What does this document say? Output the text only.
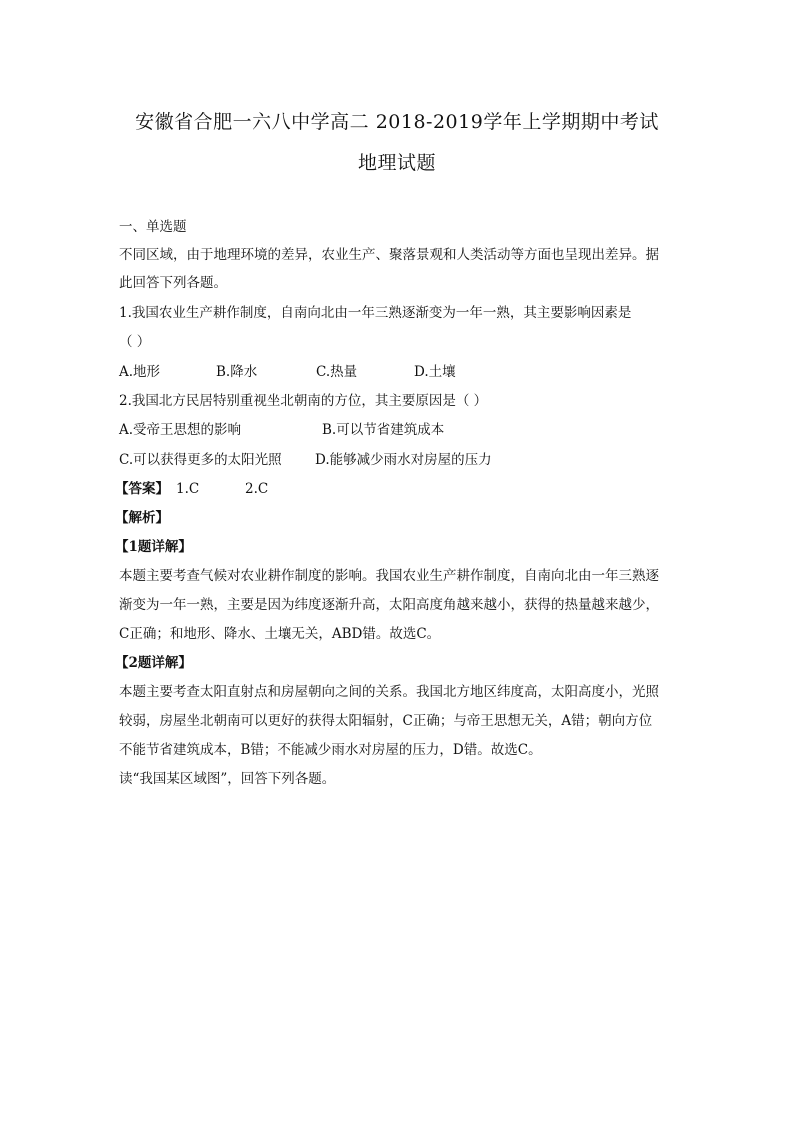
安徽省合肥一六八中学高二 2018-2019学年上学期期中考试
地理试题
一、单选题
不同区域，由于地理环境的差异，农业生产、聚落景观和人类活动等方面也呈现出差异。据
此回答下列各题。
1.我国农业生产耕作制度，自南向北由一年三熟逐渐变为一年一熟，其主要影响因素是
（ ）
A.地形	B.降水	C.热量	D.土壤
2.我国北方民居特别重视坐北朝南的方位，其主要原因是（ ）
A.受帝王思想的影响	B.可以节省建筑成本
C.可以获得更多的太阳光照 D.能够减少雨水对房屋的压力
【答案】 1.C	2.C
【解析】
【1题详解】
本题主要考查气候对农业耕作制度的影响。我国农业生产耕作制度，自南向北由一年三熟逐
渐变为一年一熟，主要是因为纬度逐渐升高，太阳高度角越来越小，获得的热量越来越少，
C正确；和地形、降水、土壤无关，ABD错。故选C。
【2题详解】
本题主要考查太阳直射点和房屋朝向之间的关系。我国北方地区纬度高，太阳高度小，光照
较弱，房屋坐北朝南可以更好的获得太阳辐射，C正确；与帝王思想无关，A错；朝向方位
不能节省建筑成本，B错；不能减少雨水对房屋的压力，D错。故选C。
读“我国某区域图”，回答下列各题。
